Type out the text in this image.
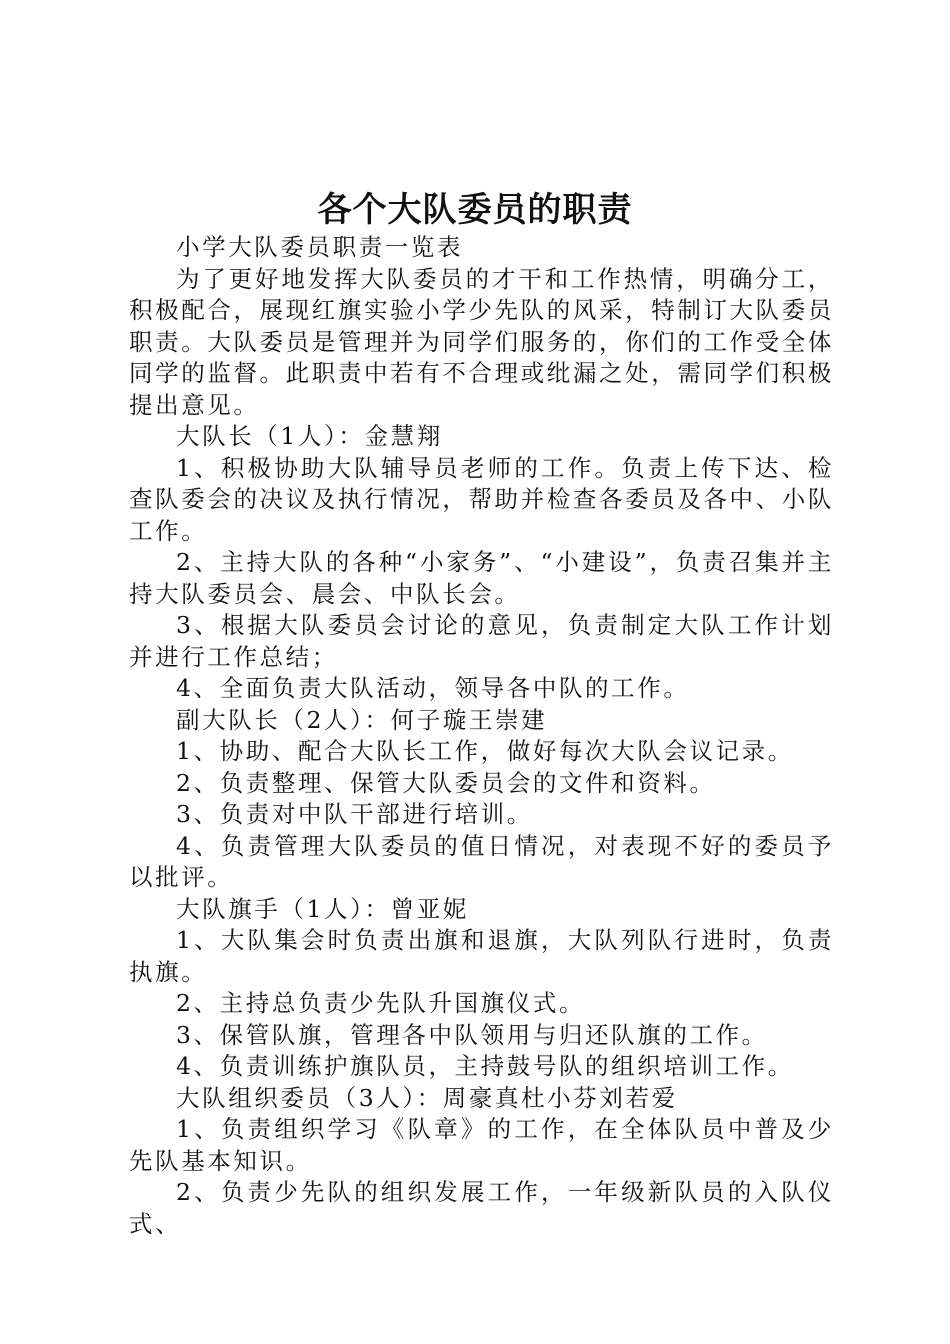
各个大队委员的职责

小学大队委员职责一览表

为了更好地发挥大队委员的才干和工作热情，明确分工，积极配合，展现红旗实验小学少先队的风采，特制订大队委员职责。大队委员是管理并为同学们服务的，你们的工作受全体同学的监督。此职责中若有不合理或纰漏之处，需同学们积极提出意见。

大队长（1人）：金慧翔

1、积极协助大队辅导员老师的工作。负责上传下达、检查队委会的决议及执行情况，帮助并检查各委员及各中、小队工作。

2、主持大队的各种“小家务”、“小建设”，负责召集并主持大队委员会、晨会、中队长会。

3、根据大队委员会讨论的意见，负责制定大队工作计划并进行工作总结；

4、全面负责大队活动，领导各中队的工作。

副大队长（2人）：何子璇王崇建

1、协助、配合大队长工作，做好每次大队会议记录。

2、负责整理、保管大队委员会的文件和资料。

3、负责对中队干部进行培训。

4、负责管理大队委员的值日情况，对表现不好的委员予以批评。

大队旗手（1人）：曾亚妮

1、大队集会时负责出旗和退旗，大队列队行进时，负责执旗。

2、主持总负责少先队升国旗仪式。

3、保管队旗，管理各中队领用与归还队旗的工作。

4、负责训练护旗队员，主持鼓号队的组织培训工作。

大队组织委员（3人）：周豪真杜小芬刘若爱

1、负责组织学习《队章》的工作，在全体队员中普及少先队基本知识。

2、负责少先队的组织发展工作，一年级新队员的入队仪式、
